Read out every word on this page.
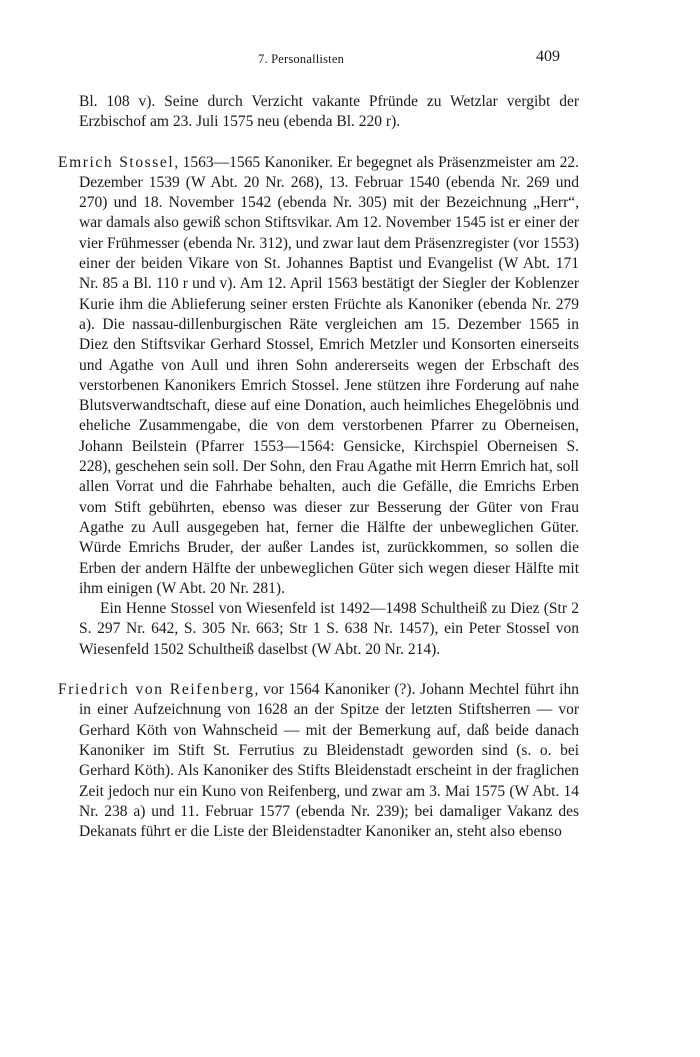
7. Personallisten	409

Bl. 108 v). Seine durch Verzicht vakante Pfründe zu Wetzlar vergibt der Erzbischof am 23. Juli 1575 neu (ebenda Bl. 220 r).

Emrich Stossel, 1563—1565 Kanoniker. Er begegnet als Präsenzmeister am 22. Dezember 1539 (W Abt. 20 Nr. 268), 13. Februar 1540 (ebenda Nr. 269 und 270) und 18. November 1542 (ebenda Nr. 305) mit der Bezeichnung „Herr“, war damals also gewiß schon Stiftsvikar. Am 12. November 1545 ist er einer der vier Frühmesser (ebenda Nr. 312), und zwar laut dem Präsenzregister (vor 1553) einer der beiden Vikare von St. Johannes Baptist und Evangelist (W Abt. 171 Nr. 85 a Bl. 110 r und v). Am 12. April 1563 bestätigt der Siegler der Koblenzer Kurie ihm die Ablieferung seiner ersten Früchte als Kanoniker (ebenda Nr. 279 a). Die nassau-dillenburgischen Räte vergleichen am 15. Dezember 1565 in Diez den Stiftsvikar Gerhard Stossel, Emrich Metzler und Konsorten einerseits und Agathe von Aull und ihren Sohn andererseits wegen der Erbschaft des verstorbenen Kanonikers Emrich Stossel. Jene stützen ihre Forderung auf nahe Blutsverwandtschaft, diese auf eine Donation, auch heimliches Ehegelöbnis und eheliche Zusammengabe, die von dem verstorbenen Pfarrer zu Oberneisen, Johann Beilstein (Pfarrer 1553—1564: Gensicke, Kirchspiel Oberneisen S. 228), geschehen sein soll. Der Sohn, den Frau Agathe mit Herrn Emrich hat, soll allen Vorrat und die Fahrhabe behalten, auch die Gefälle, die Emrichs Erben vom Stift gebührten, ebenso was dieser zur Besserung der Güter von Frau Agathe zu Aull ausgegeben hat, ferner die Hälfte der unbeweglichen Güter. Würde Emrichs Bruder, der außer Landes ist, zurückkommen, so sollen die Erben der andern Hälfte der unbeweglichen Güter sich wegen dieser Hälfte mit ihm einigen (W Abt. 20 Nr. 281).

Ein Henne Stossel von Wiesenfeld ist 1492—1498 Schultheiß zu Diez (Str 2 S. 297 Nr. 642, S. 305 Nr. 663; Str 1 S. 638 Nr. 1457), ein Peter Stossel von Wiesenfeld 1502 Schultheiß daselbst (W Abt. 20 Nr. 214).

Friedrich von Reifenberg, vor 1564 Kanoniker (?). Johann Mechtel führt ihn in einer Aufzeichnung von 1628 an der Spitze der letzten Stiftsherren — vor Gerhard Köth von Wahnscheid — mit der Bemerkung auf, daß beide danach Kanoniker im Stift St. Ferrutius zu Bleidenstadt geworden sind (s. o. bei Gerhard Köth). Als Kanoniker des Stifts Bleidenstadt erscheint in der fraglichen Zeit jedoch nur ein Kuno von Reifenberg, und zwar am 3. Mai 1575 (W Abt. 14 Nr. 238 a) und 11. Februar 1577 (ebenda Nr. 239); bei damaliger Vakanz des Dekanats führt er die Liste der Bleidenstadter Kanoniker an, steht also ebenso
